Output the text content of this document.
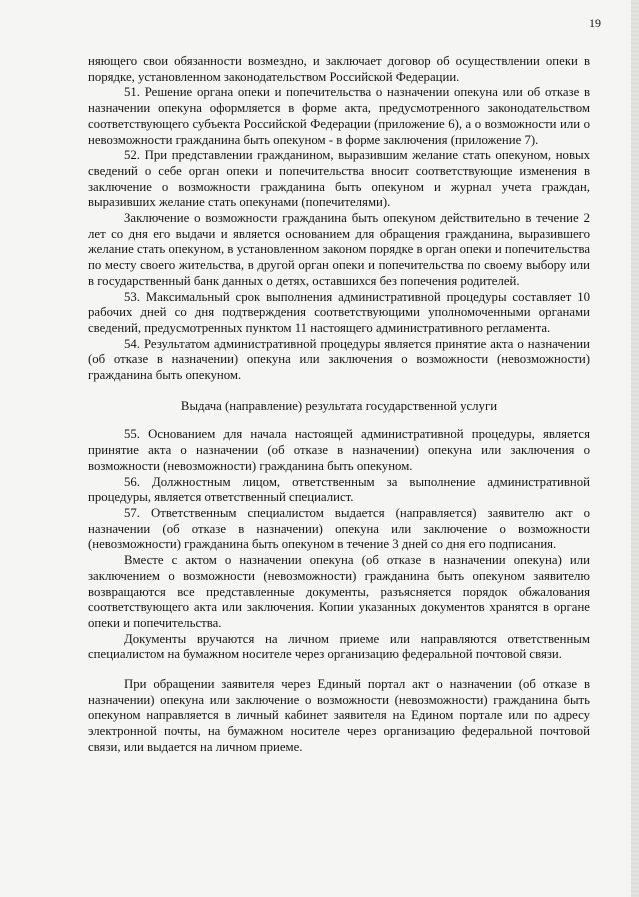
19

няющего свои обязанности возмездно, и заключает договор об осуществлении опеки в порядке, установленном законодательством Российской Федерации.

51. Решение органа опеки и попечительства о назначении опекуна или об отказе в назначении опекуна оформляется в форме акта, предусмотренного законодательством соответствующего субъекта Российской Федерации (приложение 6), а о возможности или о невозможности гражданина быть опекуном - в форме заключения (приложение 7).

52. При представлении гражданином, выразившим желание стать опекуном, новых сведений о себе орган опеки и попечительства вносит соответствующие изменения в заключение о возможности гражданина быть опекуном и журнал учета граждан, выразивших желание стать опекунами (попечителями).

Заключение о возможности гражданина быть опекуном действительно в течение 2 лет со дня его выдачи и является основанием для обращения гражданина, выразившего желание стать опекуном, в установленном законом порядке в орган опеки и попечительства по месту своего жительства, в другой орган опеки и попечительства по своему выбору или в государственный банк данных о детях, оставшихся без попечения родителей.

53. Максимальный срок выполнения административной процедуры составляет 10 рабочих дней со дня подтверждения соответствующими уполномоченными органами сведений, предусмотренных пунктом 11 настоящего административного регламента.

54. Результатом административной процедуры является принятие акта о назначении (об отказе в назначении) опекуна или заключения о возможности (невозможности) гражданина быть опекуном.

Выдача (направление) результата государственной услуги

55. Основанием для начала настоящей административной процедуры, является принятие акта о назначении (об отказе в назначении) опекуна или заключения о возможности (невозможности) гражданина быть опекуном.

56. Должностным лицом, ответственным за выполнение административной процедуры, является ответственный специалист.

57. Ответственным специалистом выдается (направляется) заявителю акт о назначении (об отказе в назначении) опекуна или заключение о возможности (невозможности) гражданина быть опекуном в течение 3 дней со дня его подписания.

Вместе с актом о назначении опекуна (об отказе в назначении опекуна) или заключением о возможности (невозможности) гражданина быть опекуном заявителю возвращаются все представленные документы, разъясняется порядок обжалования соответствующего акта или заключения. Копии указанных документов хранятся в органе опеки и попечительства.

Документы вручаются на личном приеме или направляются ответственным специалистом на бумажном носителе через организацию федеральной почтовой связи.

При обращении заявителя через Единый портал акт о назначении (об отказе в назначении) опекуна или заключение о возможности (невозможности) гражданина быть опекуном направляется в личный кабинет заявителя на Едином портале или по адресу электронной почты, на бумажном носителе через организацию федеральной почтовой связи, или выдается на личном приеме.
